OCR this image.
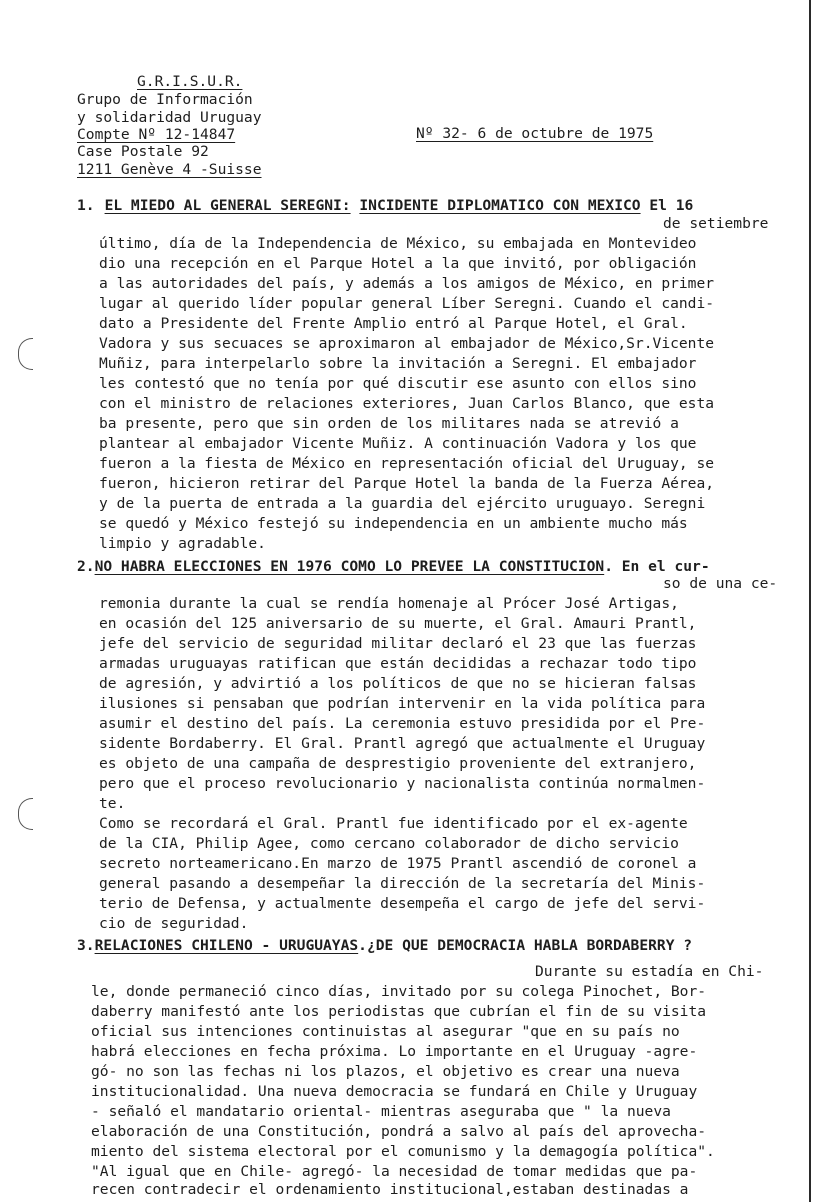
G.R.I.S.U.R.
Grupo de Información
y solidaridad Uruguay
Compte Nº 12-14847
Case Postale 92
1211 Genève 4 -Suisse
Nº 32- 6 de octubre de 1975
1. EL MIEDO AL GENERAL SEREGNI: INCIDENTE DIPLOMATICO CON MEXICO El 16
de setiembre
último, día de la Independencia de México, su embajada en Montevideo
dio una recepción en el Parque Hotel a la que invitó, por obligación
a las autoridades del país, y además a los amigos de México, en primer
lugar al querido líder popular general Líber Seregni. Cuando el candi-
dato a Presidente del Frente Amplio entró al Parque Hotel, el Gral.
Vadora y sus secuaces se aproximaron al embajador de México,Sr.Vicente
Muñiz, para interpelarlo sobre la invitación a Seregni. El embajador
les contestó que no tenía por qué discutir ese asunto con ellos sino
con el ministro de relaciones exteriores, Juan Carlos Blanco, que esta
ba presente, pero que sin orden de los militares nada se atrevió a
plantear al embajador Vicente Muñiz. A continuación Vadora y los que
fueron a la fiesta de México en representación oficial del Uruguay, se
fueron, hicieron retirar del Parque Hotel la banda de la Fuerza Aérea,
y de la puerta de entrada a la guardia del ejército uruguayo. Seregni
se quedó y México festejó su independencia en un ambiente mucho más
limpio y agradable.
2.NO HABRA ELECCIONES EN 1976 COMO LO PREVEE LA CONSTITUCION. En el cur-
so de una ce-
remonia durante la cual se rendía homenaje al Prócer José Artigas,
en ocasión del 125 aniversario de su muerte, el Gral. Amauri Prantl,
jefe del servicio de seguridad militar declaró el 23 que las fuerzas
armadas uruguayas ratifican que están decididas a rechazar todo tipo
de agresión, y advirtió a los políticos de que no se hicieran falsas
ilusiones si pensaban que podrían intervenir en la vida política para
asumir el destino del país. La ceremonia estuvo presidida por el Pre-
sidente Bordaberry. El Gral. Prantl agregó que actualmente el Uruguay
es objeto de una campaña de desprestigio proveniente del extranjero,
pero que el proceso revolucionario y nacionalista continúa normalmen-
te.
Como se recordará el Gral. Prantl fue identificado por el ex-agente
de la CIA, Philip Agee, como cercano colaborador de dicho servicio
secreto norteamericano.En marzo de 1975 Prantl ascendió de coronel a
general pasando a desempeñar la dirección de la secretaría del Minis-
terio de Defensa, y actualmente desempeña el cargo de jefe del servi-
cio de seguridad.
3.RELACIONES CHILENO - URUGUAYAS.¿DE QUE DEMOCRACIA HABLA BORDABERRY ?
Durante su estadía en Chi-
le, donde permaneció cinco días, invitado por su colega Pinochet, Bor-
daberry manifestó ante los periodistas que cubrían el fin de su visita
oficial sus intenciones continuistas al asegurar "que en su país no
habrá elecciones en fecha próxima. Lo importante en el Uruguay -agre-
gó- no son las fechas ni los plazos, el objetivo es crear una nueva
institucionalidad. Una nueva democracia se fundará en Chile y Uruguay
- señaló el mandatario oriental- mientras aseguraba que " la nueva
elaboración de una Constitución, pondrá a salvo al país del aprovecha-
miento del sistema electoral por el comunismo y la demagogía política".
"Al igual que en Chile- agregó- la necesidad de tomar medidas que pa-
recen contradecir el ordenamiento institucional,estaban destinadas a
